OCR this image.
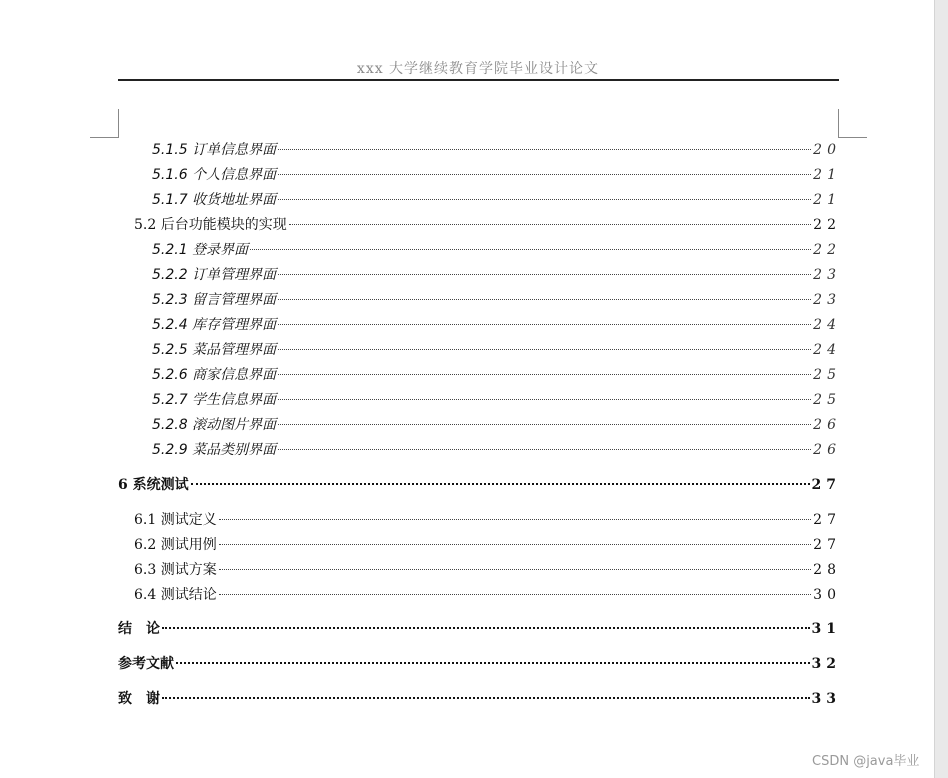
xxx 大学继续教育学院毕业设计论文
5.1.5 订单信息界面	20
5.1.6 个人信息界面	21
5.1.7 收货地址界面	21
5.2 后台功能模块的实现	22
5.2.1 登录界面	22
5.2.2 订单管理界面	23
5.2.3 留言管理界面	23
5.2.4 库存管理界面	24
5.2.5 菜品管理界面	24
5.2.6 商家信息界面	25
5.2.7 学生信息界面	25
5.2.8 滚动图片界面	26
5.2.9 菜品类别界面	26
6 系统测试	27
6.1 测试定义	27
6.2 测试用例	27
6.3 测试方案	28
6.4 测试结论	30
结　论	31
参考文献	32
致　谢	33
CSDN @java毕业
